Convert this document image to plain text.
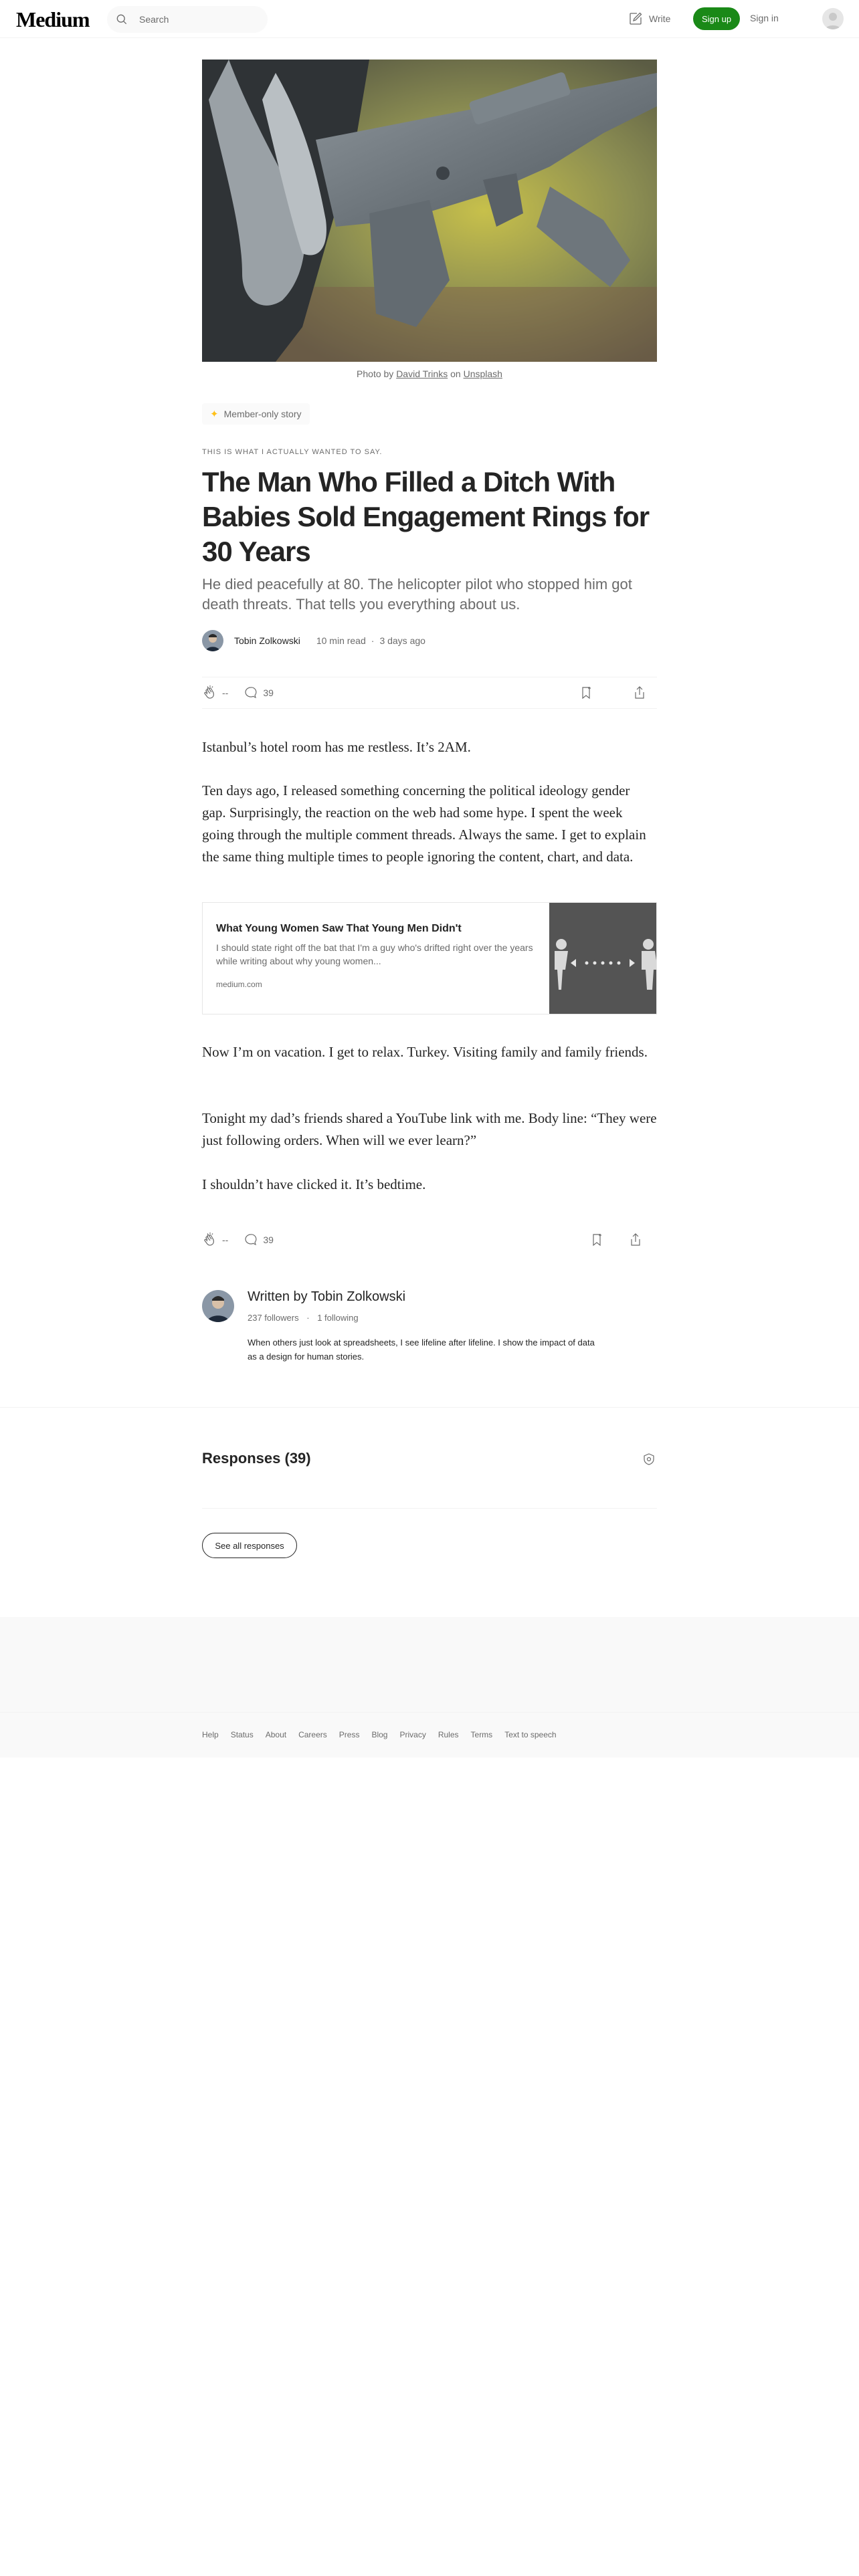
Medium	Search	Write	Sign up	Sign in
Photo by David Trinks on Unsplash
✦ Member-only story
THIS IS WHAT I ACTUALLY WANTED TO SAY.
The Man Who Filled a Ditch With Babies Sold Engagement Rings for 30 Years
He died peacefully at 80. The helicopter pilot who stopped him got death threats. That tells you everything about us.
Tobin Zolkowski 10 min read · 3 days ago
--	39

Istanbul’s hotel room has me restless. It’s 2AM.

Ten days ago, I released something concerning the political ideology gender gap. Surprisingly, the reaction on the web had some hype. I spent the week going through the multiple comment threads. Always the same. I get to explain the same thing multiple times to people ignoring the content, chart, and data.

What Young Women Saw That Young Men Didn't
I should state right off the bat that I'm a guy who's drifted right over the years while writing about why young women...
medium.com

Now I’m on vacation. I get to relax. Turkey. Visiting family and family friends.

Tonight my dad’s friends shared a YouTube link with me. Body line: “They were just following orders. When will we ever learn?”

I shouldn’t have clicked it. It’s bedtime.

--	39
Written by Tobin Zolkowski
237 followers · 1 following
When others just look at spreadsheets, I see lifeline after lifeline. I show the impact of data as a design for human stories.
Responses (39)
See all responses
Help Status About Careers Press Blog Privacy Rules Terms Text to speech
